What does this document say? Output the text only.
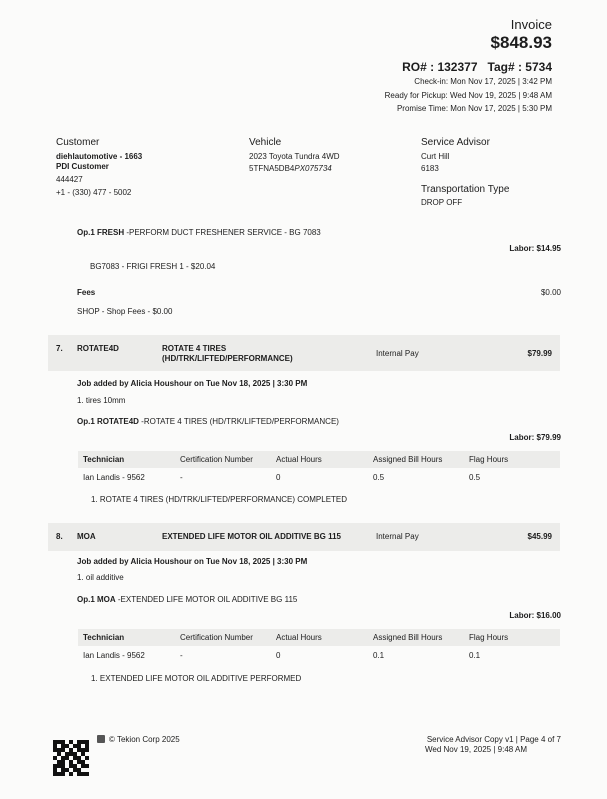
Invoice
$848.93
RO# : 132377 Tag# : 5734
Check-in: Mon Nov 17, 2025 | 3:42 PM
Ready for Pickup: Wed Nov 19, 2025 | 9:48 AM
Promise Time: Mon Nov 17, 2025 | 5:30 PM
Customer
diehlautomotive - 1663
PDI Customer
444427
+1 - (330) 477 - 5002
Vehicle
2023 Toyota Tundra 4WD
5TFNA5DB4PX075734
Service Advisor
Curt Hill
6183
Transportation Type
DROP OFF
Op.1 FRESH -PERFORM DUCT FRESHENER SERVICE - BG 7083
Labor: $14.95
BG7083 - FRIGI FRESH 1 - $20.04
Fees	$0.00
SHOP - Shop Fees - $0.00
7. ROTATE4D	ROTATE 4 TIRES
(HD/TRK/LIFTED/PERFORMANCE)
Internal Pay	$79.99
Job added by Alicia Houshour on Tue Nov 18, 2025 | 3:30 PM
1. tires 10mm
Op.1 ROTATE4D -ROTATE 4 TIRES (HD/TRK/LIFTED/PERFORMANCE)
Labor: $79.99
Technician	Certification Number	Actual Hours	Assigned Bill Hours	Flag Hours
Ian Landis - 9562	-	0	0.5	0.5
1. ROTATE 4 TIRES (HD/TRK/LIFTED/PERFORMANCE) COMPLETED
8. MOA	EXTENDED LIFE MOTOR OIL ADDITIVE BG 115	Internal Pay	$45.99
Job added by Alicia Houshour on Tue Nov 18, 2025 | 3:30 PM
1. oil additive
Op.1 MOA -EXTENDED LIFE MOTOR OIL ADDITIVE BG 115
Labor: $16.00
Technician	Certification Number	Actual Hours	Assigned Bill Hours	Flag Hours
Ian Landis - 9562	-	0	0.1	0.1
1. EXTENDED LIFE MOTOR OIL ADDITIVE PERFORMED
© Tekion Corp 2025	Service Advisor Copy v1 | Page 4 of 7
Wed Nov 19, 2025 | 9:48 AM
